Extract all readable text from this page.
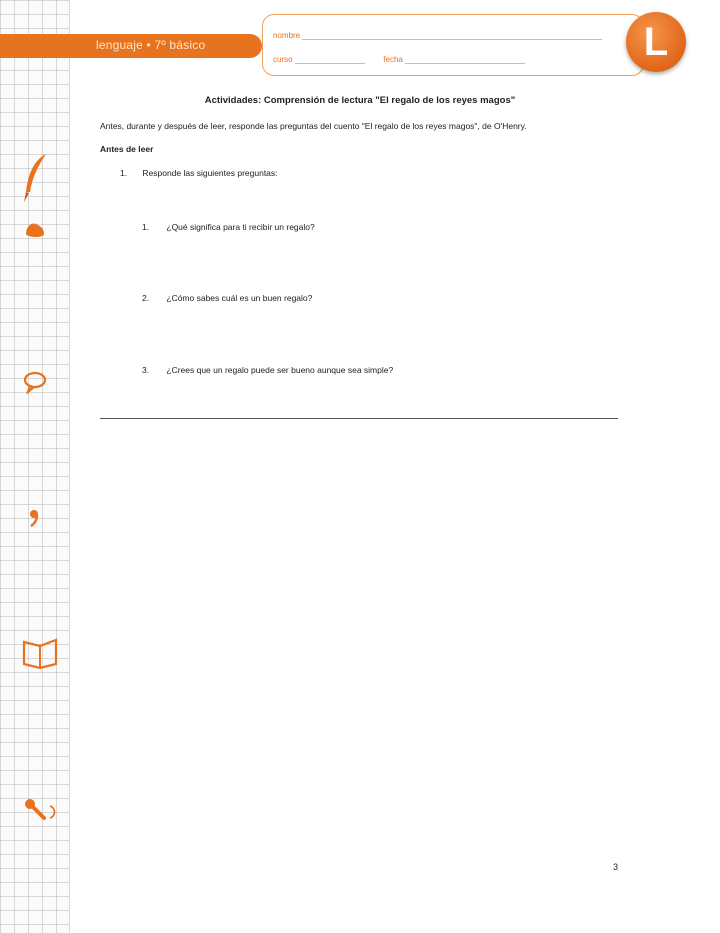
lenguaje • 7º básico
nombre
curso	fecha	L

Actividades: Comprensión de lectura "El regalo de los reyes magos"

Antes, durante y después de leer, responde las preguntas del cuento "El regalo de los reyes magos", de O'Henry.

Antes de leer

1. Responde las siguientes preguntas:

1. ¿Qué significa para ti recibir un regalo?
2. ¿Cómo sabes cuál es un buen regalo?
3. ¿Crees que un regalo puede ser bueno aunque sea simple?
3
